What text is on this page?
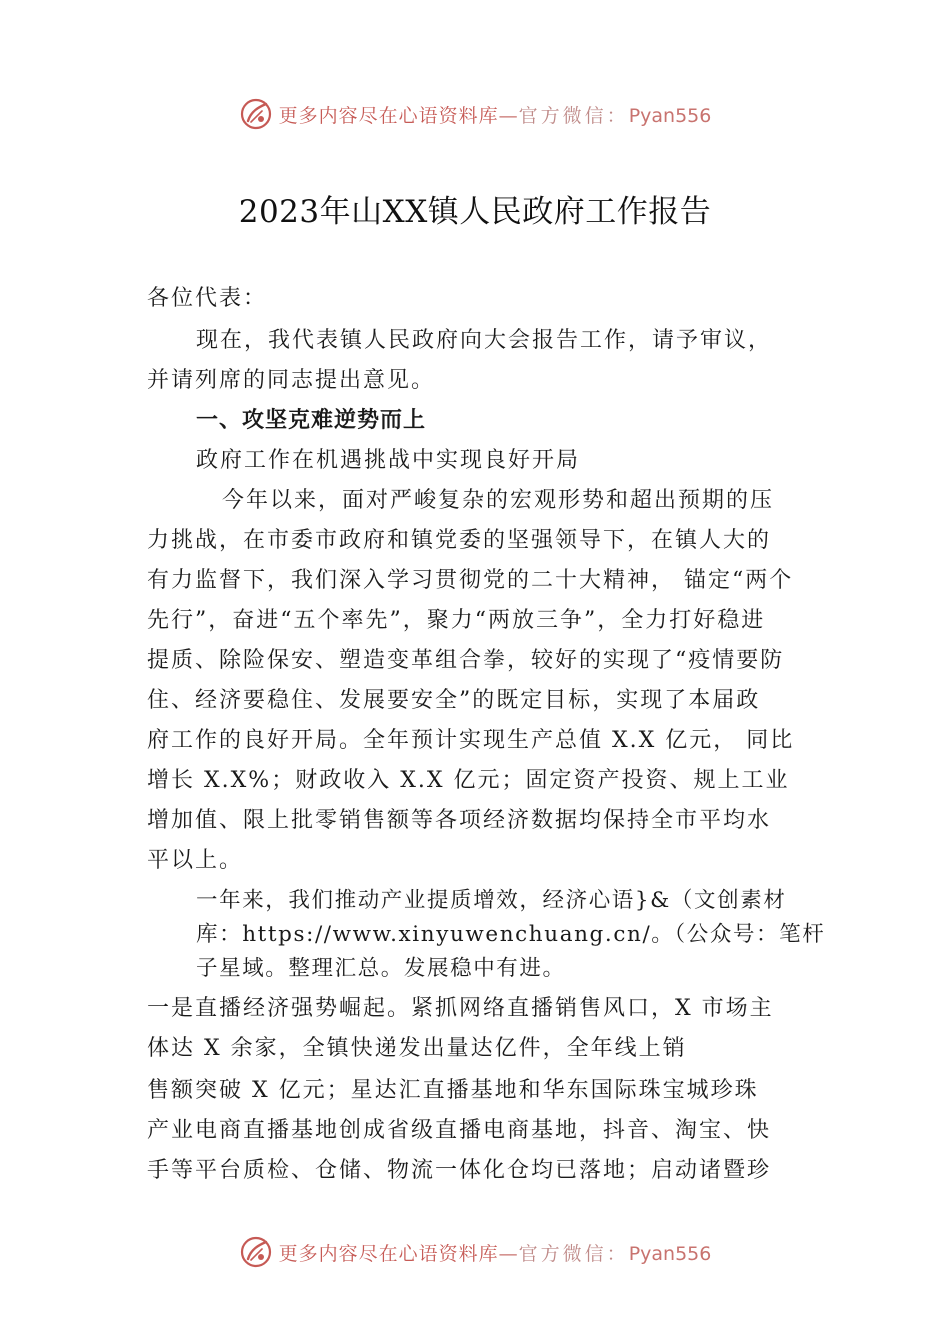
更多内容尽在心语资料库—官方微信：Pyan556
2023年山XX镇人民政府工作报告
各位代表：
现在，我代表镇人民政府向大会报告工作，请予审议，
并请列席的同志提出意见。
一、攻坚克难逆势而上
政府工作在机遇挑战中实现良好开局
今年以来，面对严峻复杂的宏观形势和超出预期的压
力挑战，在市委市政府和镇党委的坚强领导下，在镇人大的
有力监督下，我们深入学习贯彻党的二十大精神， 锚定“两个
先行”，奋进“五个率先”，聚力“两放三争”，全力打好稳进
提质、除险保安、塑造变革组合拳，较好的实现了“疫情要防
住、经济要稳住、发展要安全”的既定目标，实现了本届政
府工作的良好开局。全年预计实现生产总值 X.X 亿元， 同比
增长 X.X%；财政收入 X.X 亿元；固定资产投资、规上工业
增加值、限上批零销售额等各项经济数据均保持全市平均水
平以上。
一年来，我们推动产业提质增效，经济心语}&（文创素材
库：https://www.xinyuwenchuang.cn/。（公众号：笔杆
子星域。整理汇总。发展稳中有进。
一是直播经济强势崛起。紧抓网络直播销售风口，X 市场主
体达 X 余家，全镇快递发出量达亿件，全年线上销
售额突破 X 亿元；星达汇直播基地和华东国际珠宝城珍珠
产业电商直播基地创成省级直播电商基地，抖音、淘宝、快
手等平台质检、仓储、物流一体化仓均已落地；启动诸暨珍
更多内容尽在心语资料库—官方微信：Pyan556
